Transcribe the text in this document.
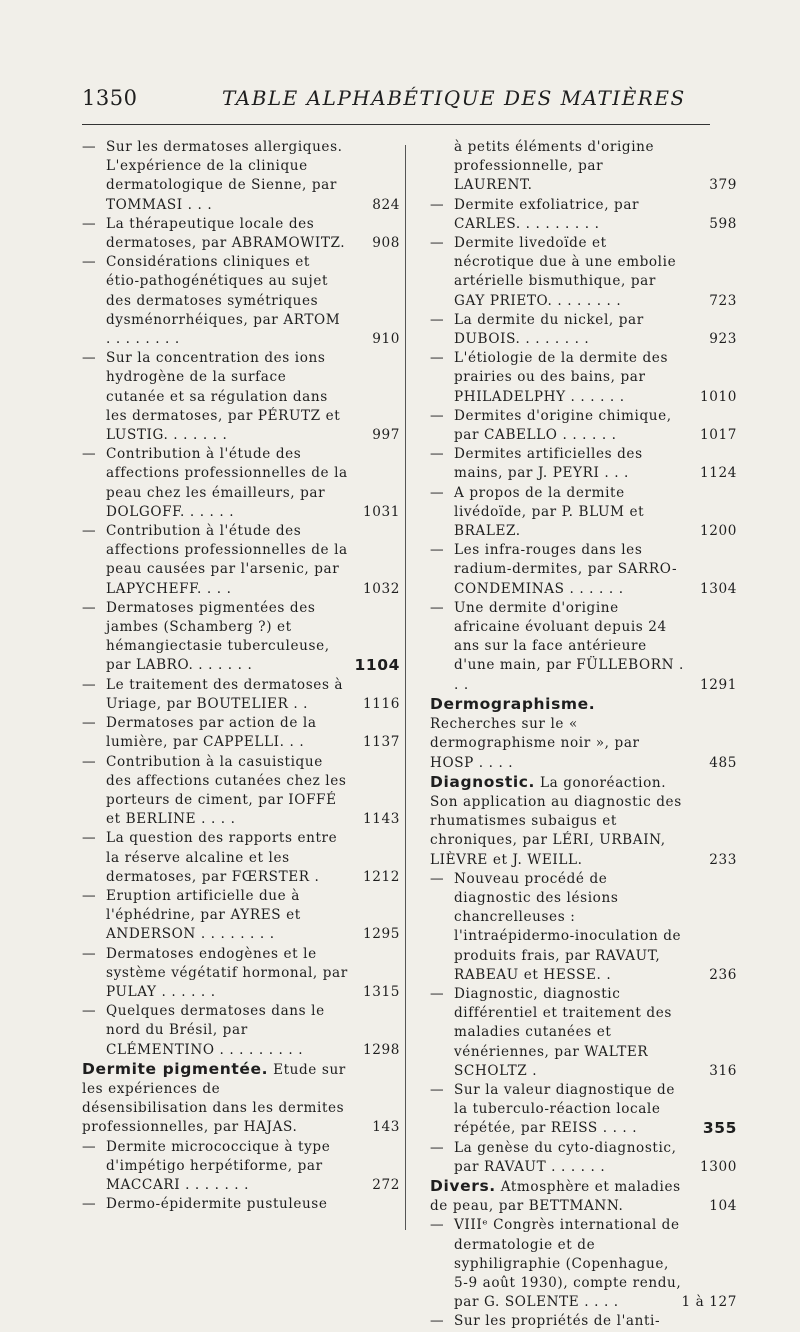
1350	TABLE ALPHABÉTIQUE DES MATIÈRES
— Sur les dermatoses allergiques. L'expérience de la clinique dermatologique de Sienne, par TOMMASI . . .	824
— La thérapeutique locale des dermatoses, par ABRAMOWITZ. 908
— Considérations cliniques et étio-pathogénétiques au sujet des dermatoses symétriques dysménorrhéiques, par ARTOM . . . . . . . .	910
— Sur la concentration des ions hydrogène de la surface cutanée et sa régulation dans les dermatoses, par PÉRUTZ et LUSTIG. . . . . . .	997
— Contribution à l'étude des affections professionnelles de la peau chez les émailleurs, par DOLGOFF. . . . . .	1031
— Contribution à l'étude des affections professionnelles de la peau causées par l'arsenic, par LAPYCHEFF. . . .	1032
— Dermatoses pigmentées des jambes (Schamberg ?) et hémangiectasie tuberculeuse, par LABRO. . . . . . .	1104
— Le traitement des dermatoses à Uriage, par BOUTELIER . .	1116
— Dermatoses par action de la lumière, par CAPPELLI. . .	1137
— Contribution à la casuistique des affections cutanées chez les porteurs de ciment, par IOFFÉ et BERLINE . . . .	1143
— La question des rapports entre la réserve alcaline et les dermatoses, par FŒRSTER .	1212
— Eruption artificielle due à l'éphédrine, par AYRES et ANDERSON . . . . . . . .	1295
— Dermatoses endogènes et le système végétatif hormonal, par PULAY . . . . . .	1315
— Quelques dermatoses dans le nord du Brésil, par CLÉMENTINO . . . . . . . . .	1298
Dermite pigmentée. Etude sur les expériences de désensibilisation dans les dermites professionnelles, par HAJAS.	143
— Dermite micrococcique à type d'impétigo herpétiforme, par MACCARI . . . . . . .	272
— Dermo-épidermite pustuleuse
à petits éléments d'origine professionnelle, par LAURENT.	379
— Dermite exfoliatrice, par CARLES. . . . . . . . .	598
— Dermite livedoïde et nécrotique due à une embolie artérielle bismuthique, par GAY PRIETO. . . . . . . .	723
— La dermite du nickel, par DUBOIS. . . . . . . .	923
— L'étiologie de la dermite des prairies ou des bains, par PHILADELPHY . . . . . .	1010
— Dermites d'origine chimique, par CABELLO . . . . . .	1017
— Dermites artificielles des mains, par J. PEYRI . . .	1124
— A propos de la dermite livédoïde, par P. BLUM et BRALEZ.	1200
— Les infra-rouges dans les radium-dermites, par SARRO-CONDEMINAS . . . . . .	1304
— Une dermite d'origine africaine évoluant depuis 24 ans sur la face antérieure d'une main, par FÜLLEBORN . . .	1291
Dermographisme. Recherches sur le « dermographisme noir », par HOSP . . . .	485
Diagnostic. La gonoréaction. Son application au diagnostic des rhumatismes subaigus et chroniques, par LÉRI, URBAIN, LIÈVRE et J. WEILL.	233
— Nouveau procédé de diagnostic des lésions chancrelleuses : l'intraépidermo-inoculation de produits frais, par RAVAUT, RABEAU et HESSE. .	236
— Diagnostic, diagnostic différentiel et traitement des maladies cutanées et vénériennes, par WALTER SCHOLTZ .	316
— Sur la valeur diagnostique de la tuberculo-réaction locale répétée, par REISS . . . .	355
— La genèse du cyto-diagnostic, par RAVAUT . . . . . .	1300
Divers. Atmosphère et maladies de peau, par BETTMANN.	104
— VIIIᵉ Congrès international de dermatologie et de syphiligraphie (Copenhague, 5-9 août 1930), compte rendu, par G. SOLENTE . . . .	1 à 127
— Sur les propriétés de l'anti-
